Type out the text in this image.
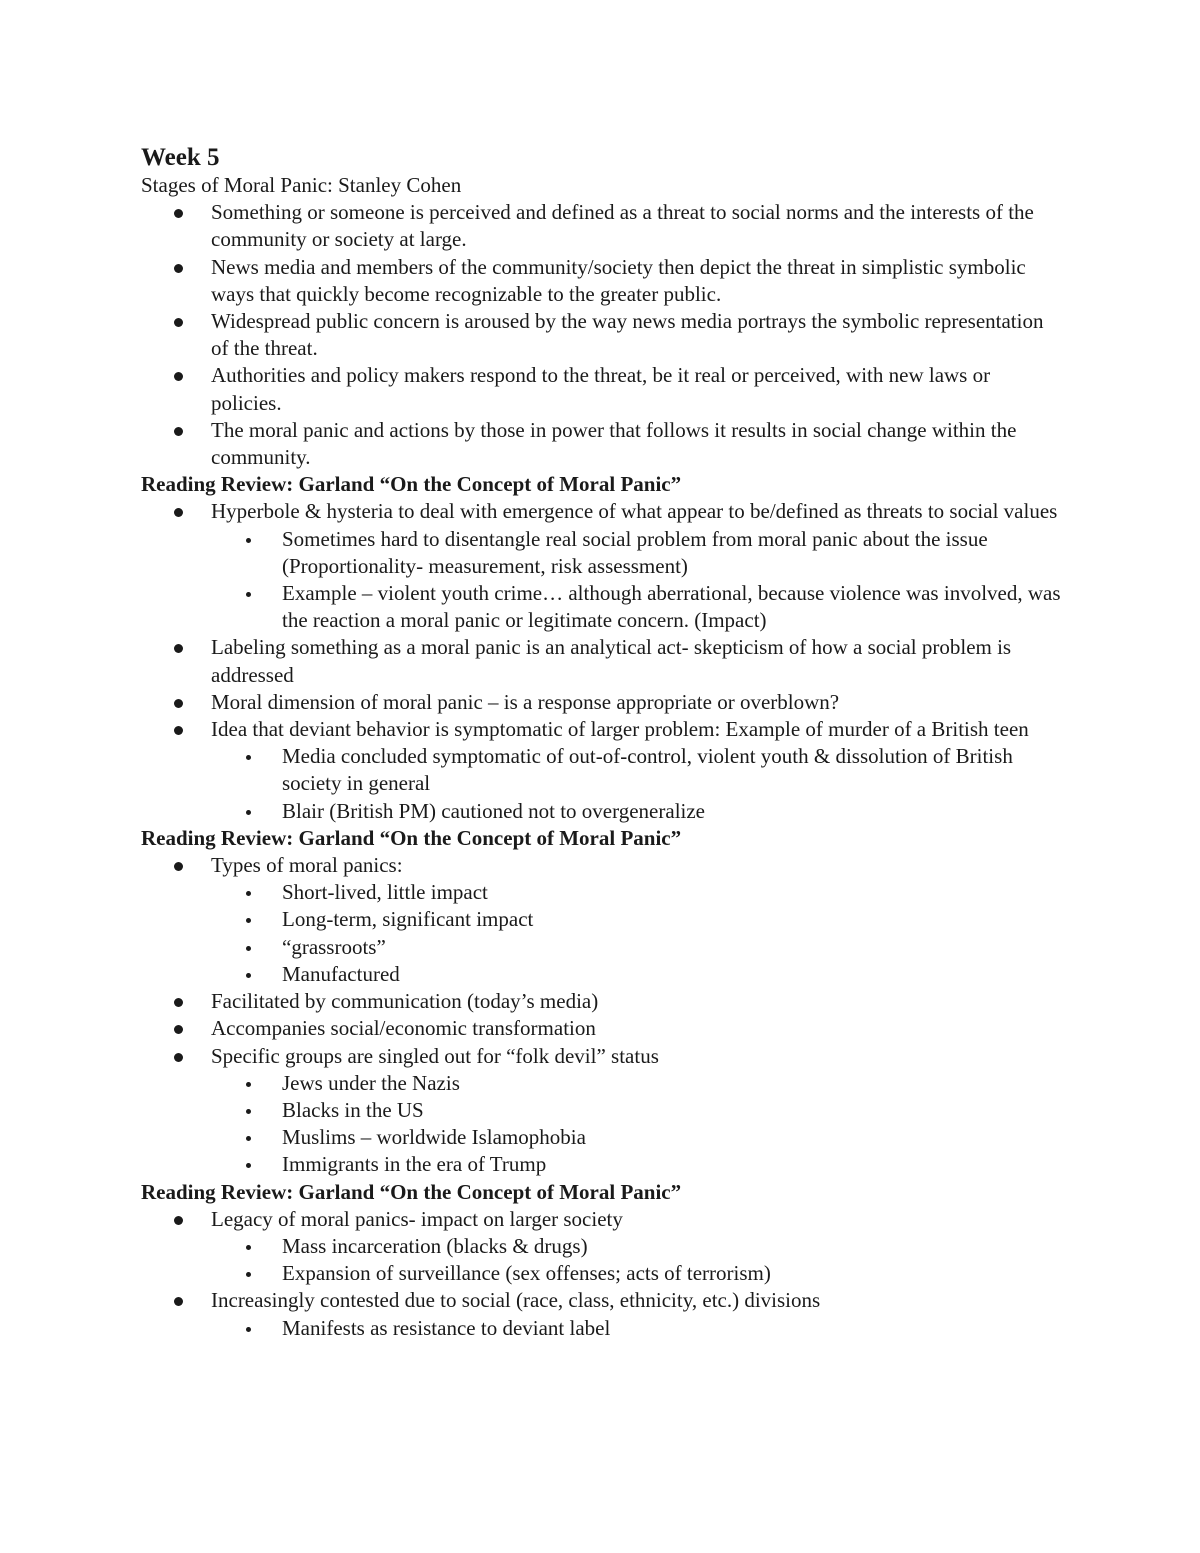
Week 5
Stages of Moral Panic: Stanley Cohen
Something or someone is perceived and defined as a threat to social norms and the interests of the community or society at large.
News media and members of the community/society then depict the threat in simplistic symbolic ways that quickly become recognizable to the greater public.
Widespread public concern is aroused by the way news media portrays the symbolic representation of the threat.
Authorities and policy makers respond to the threat, be it real or perceived, with new laws or policies.
The moral panic and actions by those in power that follows it results in social change within the community.
Reading Review: Garland “On the Concept of Moral Panic”
Hyperbole & hysteria to deal with emergence of what appear to be/defined as threats to social values
Sometimes hard to disentangle real social problem from moral panic about the issue (Proportionality- measurement, risk assessment)
Example – violent youth crime… although aberrational, because violence was involved, was the reaction a moral panic or legitimate concern. (Impact)
Labeling something as a moral panic is an analytical act- skepticism of how a social problem is addressed
Moral dimension of moral panic – is a response appropriate or overblown?
Idea that deviant behavior is symptomatic of larger problem: Example of murder of a British teen
Media concluded symptomatic of out-of-control, violent youth & dissolution of British society in general
Blair (British PM) cautioned not to overgeneralize
Reading Review: Garland “On the Concept of Moral Panic”
Types of moral panics:
Short-lived, little impact
Long-term, significant impact
“grassroots”
Manufactured
Facilitated by communication (today’s media)
Accompanies social/economic transformation
Specific groups are singled out for “folk devil” status
Jews under the Nazis
Blacks in the US
Muslims – worldwide Islamophobia
Immigrants in the era of Trump
Reading Review: Garland “On the Concept of Moral Panic”
Legacy of moral panics- impact on larger society
Mass incarceration (blacks & drugs)
Expansion of surveillance (sex offenses; acts of terrorism)
Increasingly contested due to social (race, class, ethnicity, etc.) divisions
Manifests as resistance to deviant label
